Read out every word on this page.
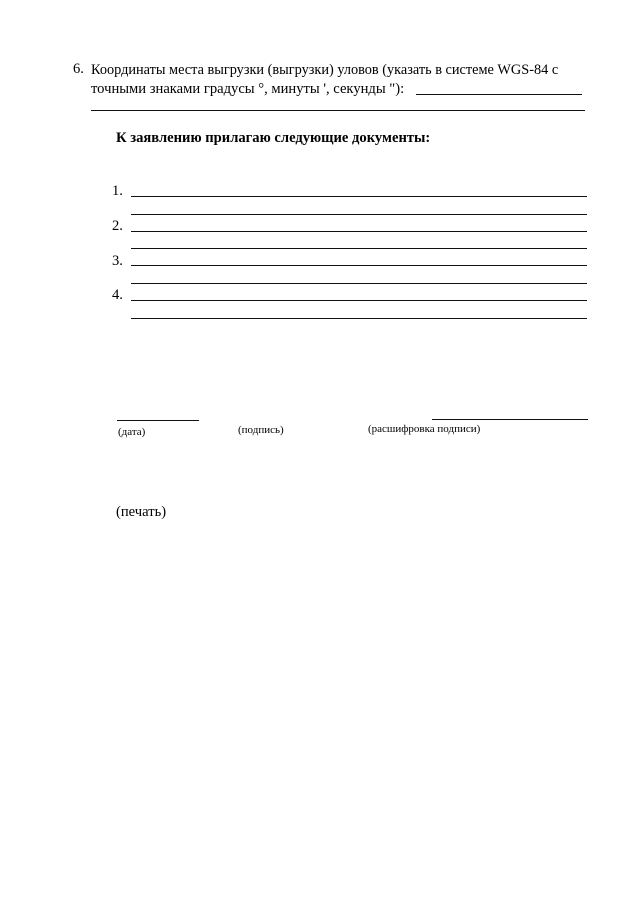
6. Координаты места выгрузки (выгрузки) уловов (указать в системе WGS-84 с
точными знаками градусы °, минуты ', секунды "):
К заявлению прилагаю следующие документы:
1.
2.
3.
4.
(дата)	(подпись)	(расшифровка подписи)
(печать)
